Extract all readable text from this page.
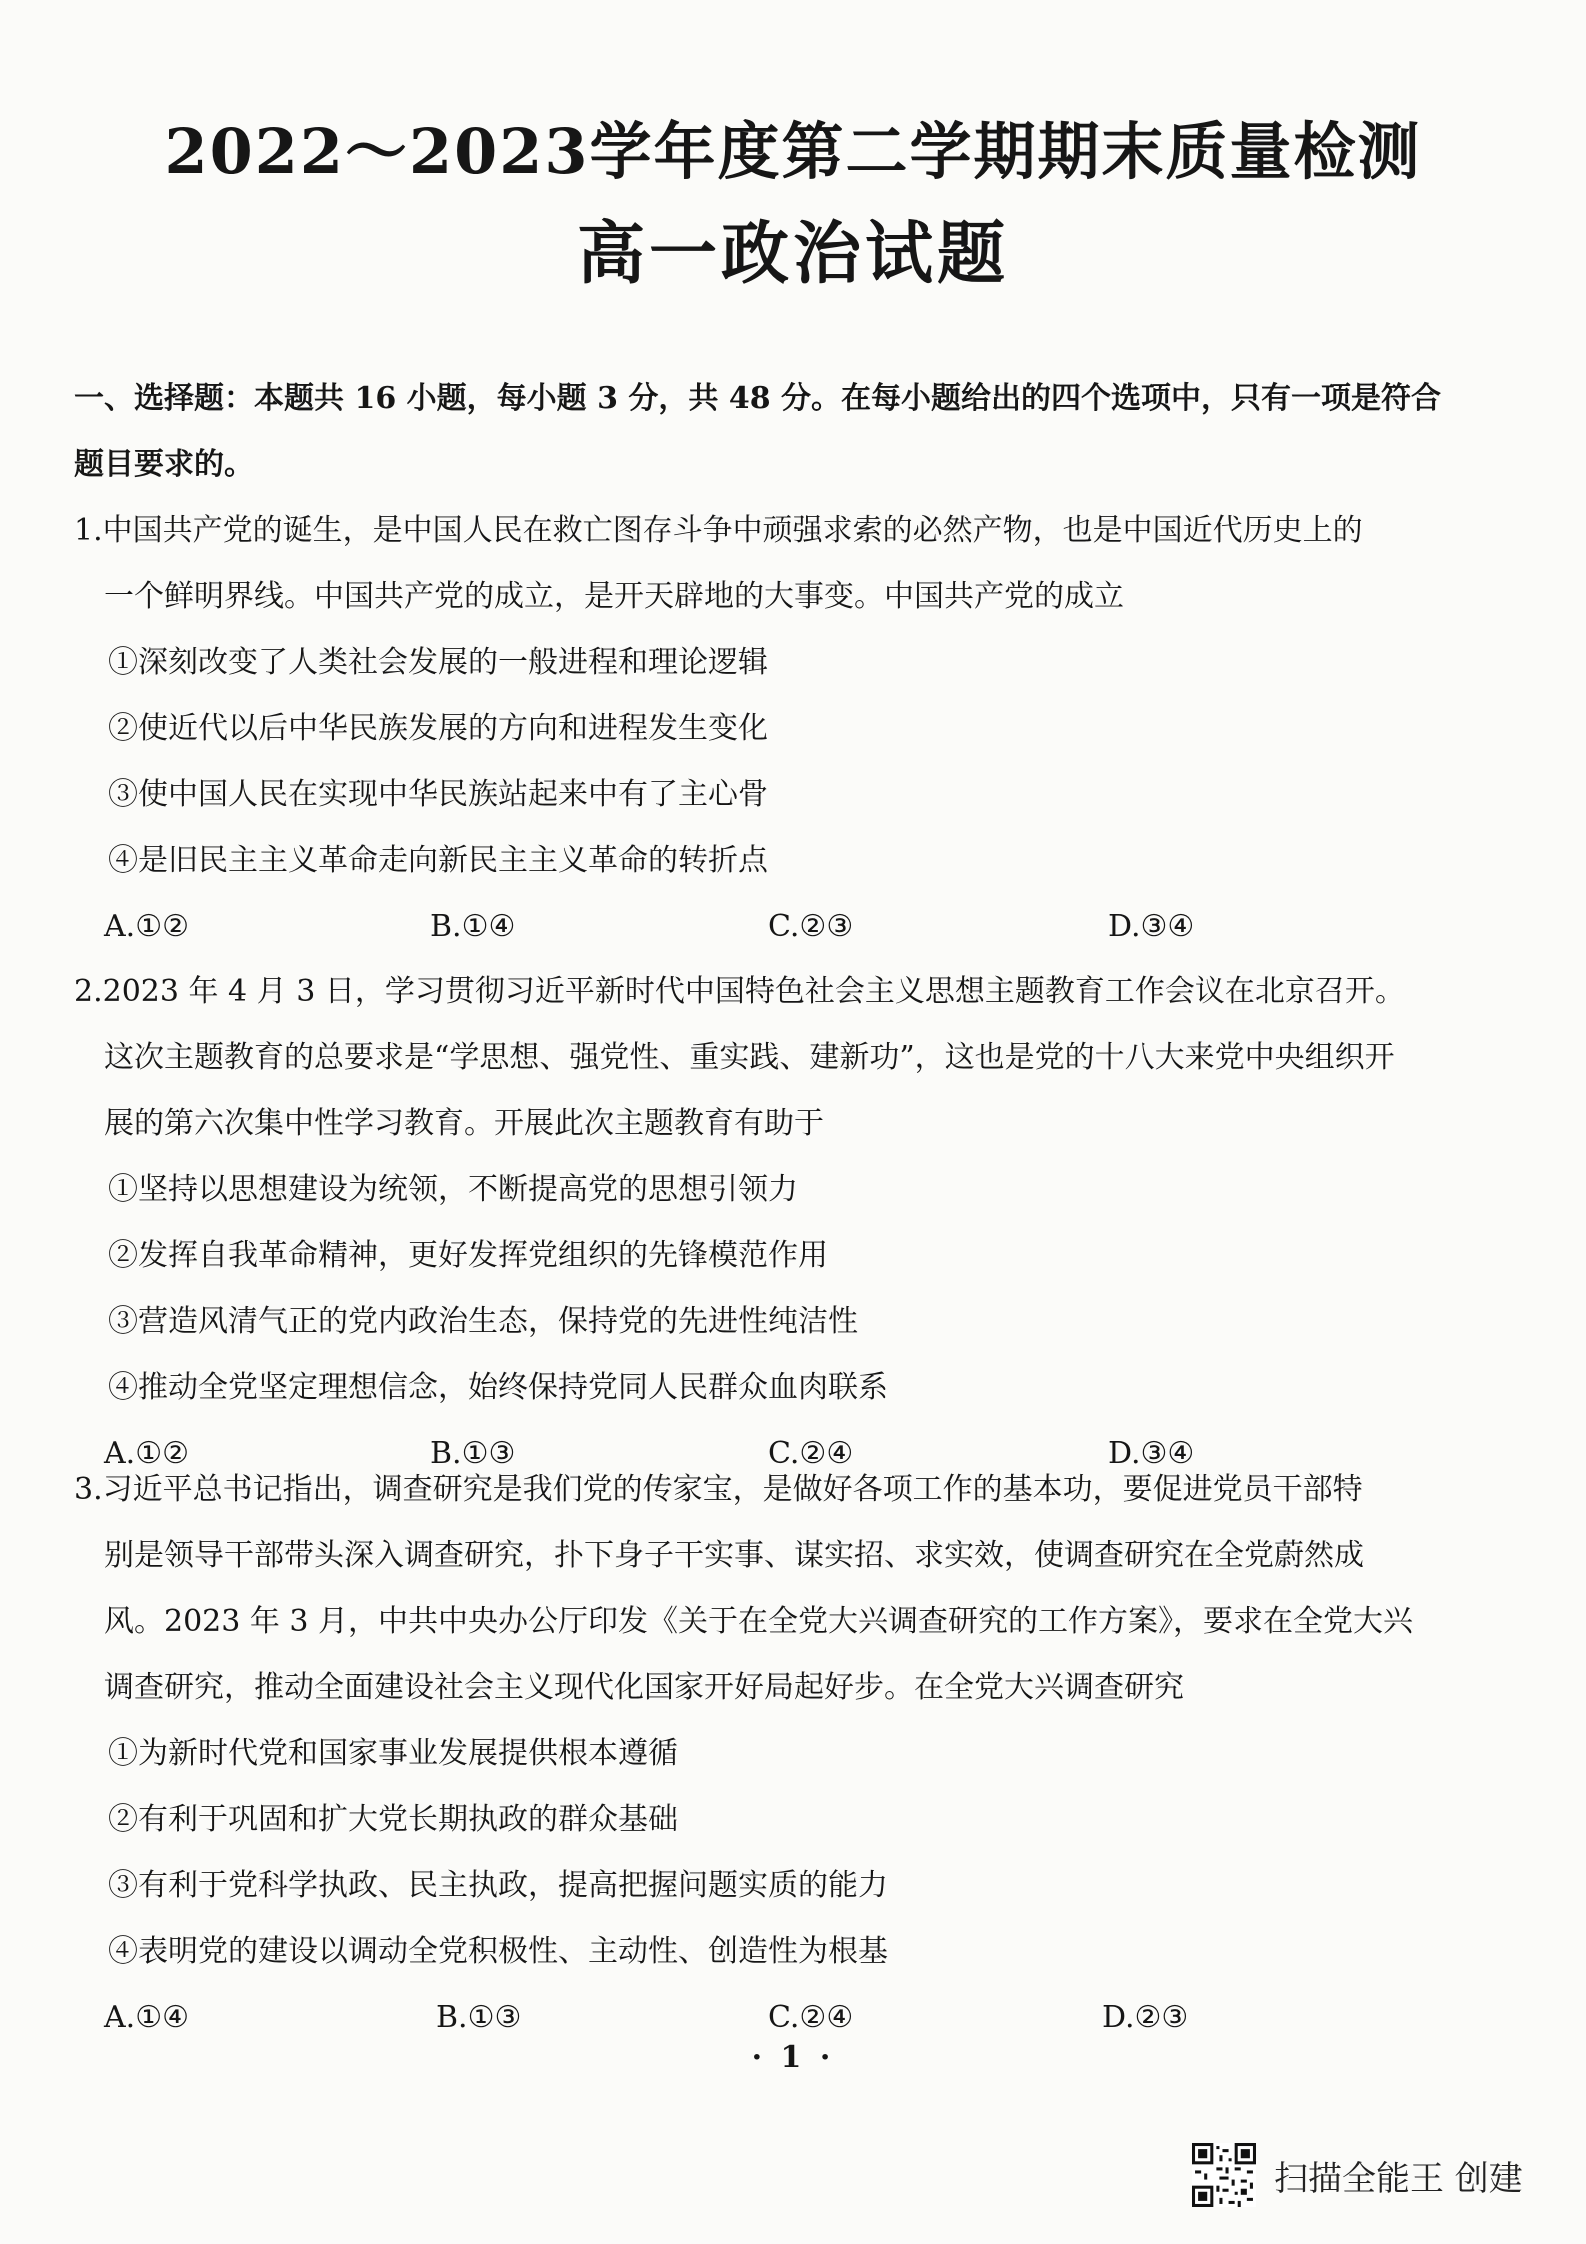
2022～2023学年度第二学期期末质量检测
高一政治试题
一、选择题：本题共 16 小题，每小题 3 分，共 48 分。在每小题给出的四个选项中，只有一项是符合
题目要求的。
1.中国共产党的诞生，是中国人民在救亡图存斗争中顽强求索的必然产物，也是中国近代历史上的
一个鲜明界线。中国共产党的成立，是开天辟地的大事变。中国共产党的成立
①深刻改变了人类社会发展的一般进程和理论逻辑
②使近代以后中华民族发展的方向和进程发生变化
③使中国人民在实现中华民族站起来中有了主心骨
④是旧民主主义革命走向新民主主义革命的转折点
A.①②	B.①④	C.②③	D.③④
2.2023 年 4 月 3 日，学习贯彻习近平新时代中国特色社会主义思想主题教育工作会议在北京召开。
这次主题教育的总要求是“学思想、强党性、重实践、建新功”，这也是党的十八大来党中央组织开
展的第六次集中性学习教育。开展此次主题教育有助于
①坚持以思想建设为统领，不断提高党的思想引领力
②发挥自我革命精神，更好发挥党组织的先锋模范作用
③营造风清气正的党内政治生态，保持党的先进性纯洁性
④推动全党坚定理想信念，始终保持党同人民群众血肉联系
A.①②	B.①③	C.②④	D.③④
3.习近平总书记指出，调查研究是我们党的传家宝，是做好各项工作的基本功，要促进党员干部特
别是领导干部带头深入调查研究，扑下身子干实事、谋实招、求实效，使调查研究在全党蔚然成
风。2023 年 3 月，中共中央办公厅印发《关于在全党大兴调查研究的工作方案》，要求在全党大兴
调查研究，推动全面建设社会主义现代化国家开好局起好步。在全党大兴调查研究
①为新时代党和国家事业发展提供根本遵循
②有利于巩固和扩大党长期执政的群众基础
③有利于党科学执政、民主执政，提高把握问题实质的能力
④表明党的建设以调动全党积极性、主动性、创造性为根基
A.①④	B.①③	C.②④	D.②③
· 1 ·
扫描全能王 创建
